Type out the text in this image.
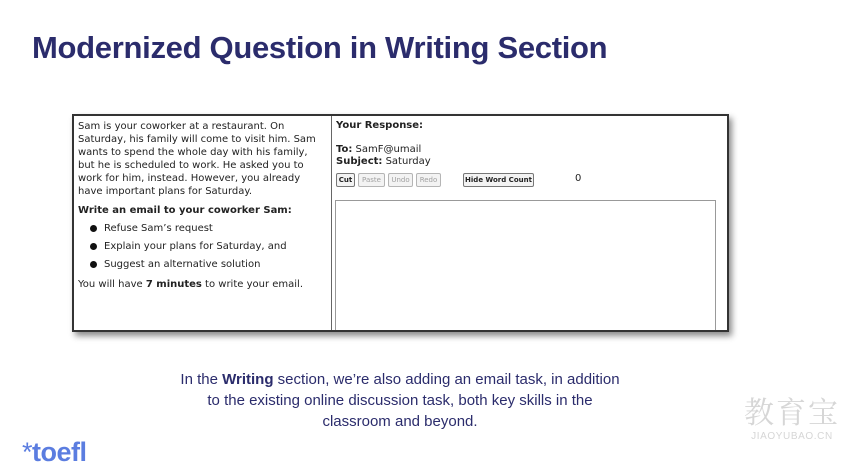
Modernized Question in Writing Section

Sam is your coworker at a restaurant. On Saturday, his family will come to visit him. Sam wants to spend the whole day with his family, but he is scheduled to work. He asked you to work for him, instead. However, you already have important plans for Saturday.

Write an email to your coworker Sam:

Refuse Sam’s request
Explain your plans for Saturday, and
Suggest an alternative solution

You will have 7 minutes to write your email.

Your Response:
To: SamF@umail
Subject: Saturday
Cut	Paste	Undo	Redo	Hide Word Count	0
In the Writing section, we’re also adding an email task, in addition to the existing online discussion task, both key skills in the classroom and beyond.
*toefl
教育宝
JIAOYUBAO.CN
